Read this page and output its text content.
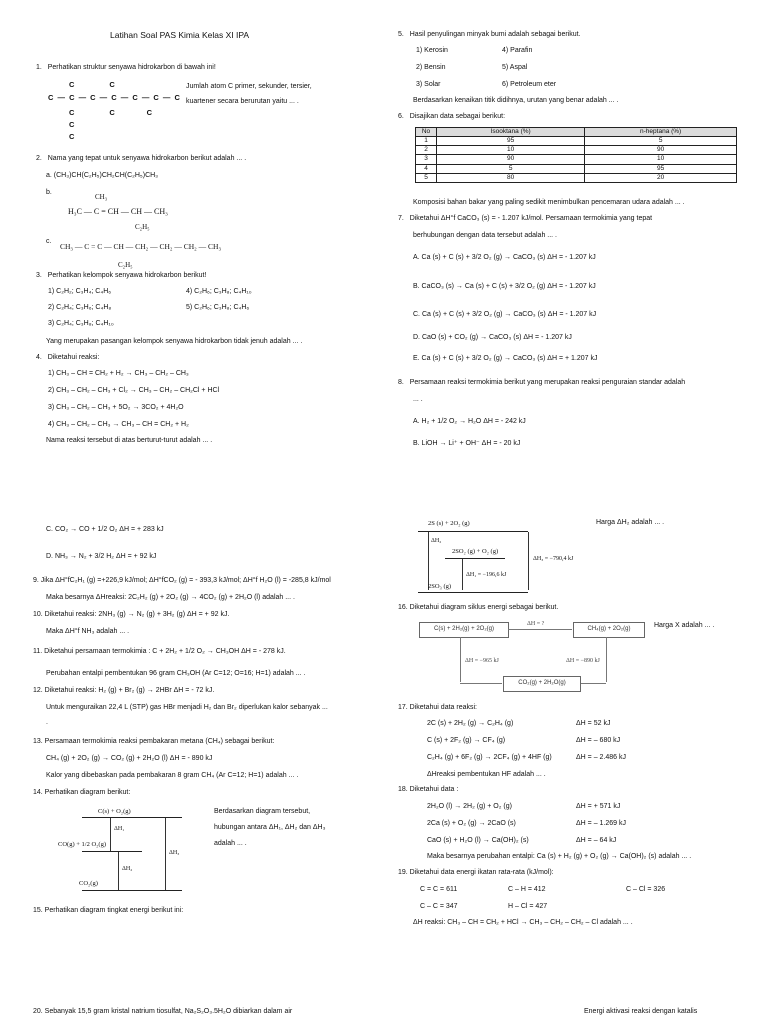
Latihan Soal PAS Kimia Kelas XI IPA
1. Perhatikan struktur senyawa hidrokarbon di bawah ini!
C — C — C — C — C — C — C
C           C
C           C          C
C
C
Jumlah atom C primer, sekunder, tersier,
kuartener secara berurutan yaitu ... .
2. Nama yang tepat untuk senyawa hidrokarbon berikut adalah ... .
a. (CH₃)CH(C₂H₅)CH₂CH(C₂H₅)CH₃
b.
CH₃
H₃C — C = CH — CH — CH₃
C₂H₅
c.
CH₃ — C = C — CH — CH₂ — CH₂ — CH₂ — CH₃
C₂H₅
3. Perhatikan kelompok senyawa hidrokarbon berikut!
1) C₂H₂; C₃H₄; C₄H₆	4) C₂H₆; C₃H₈; C₄H₁₀
2) C₂H₄; C₃H₆; C₄H₈	5) C₂H₆; C₃H₈; C₄H₆
3) C₂H₄; C₃H₈; C₄H₁₀
Yang merupakan pasangan kelompok senyawa hidrokarbon tidak jenuh adalah ... .
4. Diketahui reaksi:
1) CH₃ – CH = CH₂ + H₂ → CH₃ – CH₂ – CH₃
2) CH₃ – CH₂ – CH₃ + Cl₂ → CH₃ – CH₂ – CH₂Cl + HCl
3) CH₃ – CH₂ – CH₃ + 5O₂ → 3CO₂ + 4H₂O
4) CH₃ – CH₂ – CH₃ → CH₃ – CH = CH₂ + H₂
Nama reaksi tersebut di atas berturut-turut adalah ... .
5. Hasil penyulingan minyak bumi adalah sebagai berikut.
1) Kerosin	4) Parafin
2) Bensin	5) Aspal
3) Solar	6) Petroleum eter
Berdasarkan kenaikan titik didihnya, urutan yang benar adalah ... .
6. Disajikan data sebagai berikut:
No	Isooktana (%)	n-heptana (%)
1	95	5
2	10	90
3	90	10
4	5	95
5	80	20
Komposisi bahan bakar yang paling sedikit menimbulkan pencemaran udara adalah ... .
7. Diketahui ΔH°f CaCO₃ (s) = - 1.207 kJ/mol. Persamaan termokimia yang tepat
berhubungan dengan data tersebut adalah ... .
A. Ca (s) + C (s) + 3/2 O₂ (g) → CaCO₃ (s) ΔH = - 1.207 kJ
B. CaCO₃ (s) → Ca (s) + C (s) + 3/2 O₂ (g) ΔH = - 1.207 kJ
C. Ca (s) + C (s) + 3/2 O₂ (g) → CaCO₃ (s) ΔH = - 1.207 kJ
D. CaO (s) + CO₂ (g) → CaCO₃ (s) ΔH = - 1.207 kJ
E. Ca (s) + C (s) + 3/2 O₂ (g) → CaCO₃ (s) ΔH = + 1.207 kJ
8. Persamaan reaksi termokimia berikut yang merupakan reaksi penguraian standar adalah
... .
A. H₂ + 1/2 O₂ → H₂O ΔH = - 242 kJ
B. LiOH → Li⁺ + OH⁻ ΔH = - 20 kJ
C. CO₂ → CO + 1/2 O₂ ΔH = + 283 kJ
D. NH₃ → N₂ + 3/2 H₂ ΔH = + 92 kJ
9. Jika ΔH°fC₂H₁ (g) =+226,9 kJ/mol; ΔH°fCO₂ (g) = - 393,3 kJ/mol; ΔH°f H₂O (l) = -285,8 kJ/mol
Maka besarnya ΔHreaksi: 2C₂H₂ (g) + 2O₂ (g) → 4CO₂ (g) + 2H₂O (l) adalah ... .
10. Diketahui reaksi: 2NH₃ (g) → N₂ (g) + 3H₂ (g) ΔH = + 92 kJ.
Maka ΔH°f NH₃ adalah ... .
11. Diketahui persamaan termokimia : C + 2H₂ + 1/2 O₂ → CH₃OH ΔH = - 278 kJ.
Perubahan entalpi pembentukan 96 gram CH₃OH (Ar C=12; O=16; H=1) adalah ... .
12. Diketahui reaksi: H₂ (g) + Br₂ (g) → 2HBr ΔH = - 72 kJ.
Untuk menguraikan 22,4 L (STP) gas HBr menjadi H₂ dan Br₂ diperlukan kalor sebanyak ...
.
13. Persamaan termokimia reaksi pembakaran metana (CH₄) sebagai berikut:
CH₄ (g) + 2O₂ (g) → CO₂ (g) + 2H₂O (l) ΔH = - 890 kJ
Kalor yang dibebaskan pada pembakaran 8 gram CH₄ (Ar C=12; H=1) adalah ... .
14. Perhatikan diagram berikut:
C(s) + O₂(g)
CO(g) + 1/2 O₂(g)
CO₂(g)
ΔH₁
ΔH₂
ΔH₃
Berdasarkan diagram tersebut,
hubungan antara ΔH₁, ΔH₂ dan ΔH₃
adalah ... .
15. Perhatikan diagram tingkat energi berikut ini:
20. Sebanyak 15,5 gram kristal natrium tiosulfat, Na₂S₂O₃.5H₂O dibiarkan dalam air
2S (s) + 2O₂ (g)
ΔH₂
2SO₂ (g) + O₂ (g)
ΔH₁ = −196,6 kJ
ΔH₃ = −790,4 kJ
2SO₃ (g)
Harga ΔH₂ adalah ... .
16. Diketahui diagram siklus energi sebagai berikut.
Harga X adalah ... .
C(s) + 2H₂(g) + 2O₂(g)
ΔH = ?
CH₄(g) + 2O₂(g)
ΔH = −965 kJ	ΔH = −890 kJ
CO₂(g) + 2H₂O(g)
17. Diketahui data reaksi:
2C (s) + 2H₂ (g) → C₂H₄ (g)	ΔH = 52 kJ
C (s) + 2F₂ (g) → CF₄ (g)	ΔH = – 680 kJ
C₂H₄ (g) + 6F₂ (g) → 2CF₄ (g) + 4HF (g)	ΔH = – 2.486 kJ
ΔHreaksi pembentukan HF adalah ... .
18. Diketahui data :
2H₂O (l) → 2H₂ (g) + O₂ (g)	ΔH = + 571 kJ
2Ca (s) + O₂ (g) → 2CaO (s)	ΔH = – 1.269 kJ
CaO (s) + H₂O (l) → Ca(OH)₂ (s)	ΔH = – 64 kJ
Maka besarnya perubahan entalpi: Ca (s) + H₂ (g) + O₂ (g) → Ca(OH)₂ (s) adalah ... .
19. Diketahui data energi ikatan rata-rata (kJ/mol):
C = C = 611	C – H = 412	C – Cl = 326
C – C = 347	H – Cl = 427
ΔH reaksi: CH₃ – CH = CH₂ + HCl → CH₃ – CH₂ – CH₂ – Cl adalah ... .
Energi aktivasi reaksi dengan katalis
